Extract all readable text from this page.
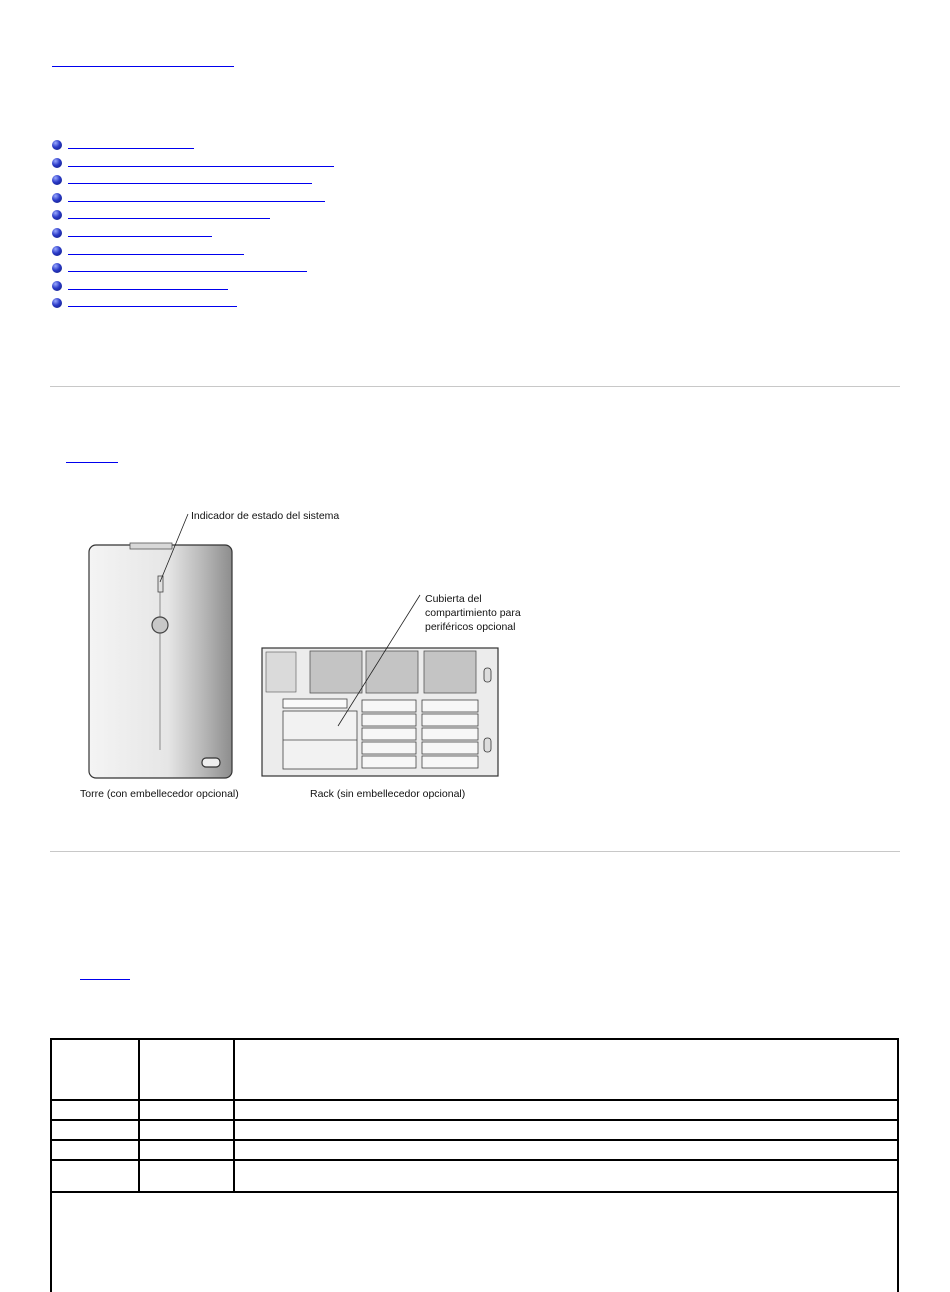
Indicador de estado del sistema
Cubierta del
compartimiento para
periféricos opcional
Torre (con embellecedor opcional)	Rack (sin embellecedor opcional)
